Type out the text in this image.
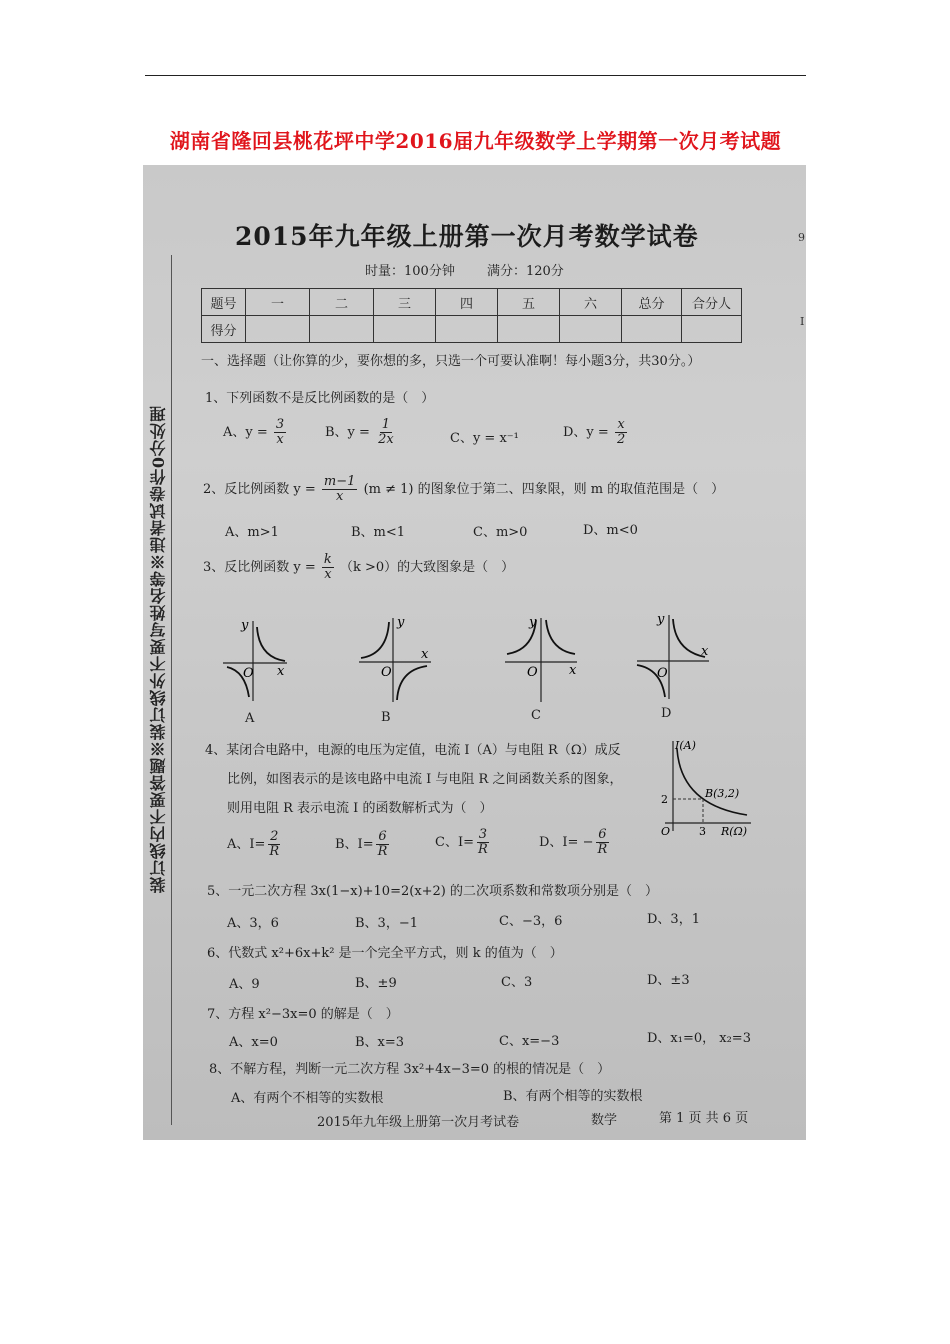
湖南省隆回县桃花坪中学2016届九年级数学上学期第一次月考试题
装订线内不要答题※装订线外不要写姓名等※违者试卷作0分处理
2015年九年级上册第一次月考数学试卷
时量：100分钟 满分：120分
题号	一	二	三	四	五	六	总分	合分人
得分								
一、选择题（让你算的少，要你想的多，只选一个可要认准啊！每小题3分，共30分。）
1、下列函数不是反比例函数的是（　）
A、$y = \frac{3}{x}$	B、$y = \frac{1}{2x}$	C、y = x⁻¹	D、$y = \frac{x}{2}$
2、反比例函数 $y = \frac{m-1}{x} (m \ne 1)$ 的图象位于第二、四象限，则 m 的取值范围是（　）
A、m>1	B、m<1	C、m>0	D、m<0
3、反比例函数 $y = \frac{k}{x} (k >0)$的大致图象是（　）
y
x
O
y
x
O
y
x
O
y
x
O
A	B	C	D
4、某闭合电路中，电源的电压为定值，电流 I（A）与电阻 R（Ω）成反
比例，如图表示的是该电路中电流 I 与电阻 R 之间函数关系的图象，
则用电阻 R 表示电流 I 的函数解析式为（　）
I(A)
R(Ω)
B(3,2)
2
3
O
A、$I= \frac{2}{R}$	B、$I= \frac{6}{R}$	C、$I= \frac{3}{R}$	D、$I= - \frac{6}{R}$
5、一元二次方程 3x(1−x)+10=2(x+2) 的二次项系数和常数项分别是（　）
A、3，6	B、3，−1	C、−3，6	D、3，1
6、代数式 x²+6x+k² 是一个完全平方式，则 k 的值为（　）
A、9	B、±9	C、3	D、±3
7、方程 x²−3x=0 的解是（　）
A、x=0	B、x=3	C、x=−3	D、x₁=0， x₂=3
8、不解方程，判断一元二次方程 3x²+4x−3=0 的根的情况是（　）
A、有两个不相等的实数根	B、有两个相等的实数根
2015年九年级上册第一次月考试卷	数学	第 1 页 共 6 页
9
I
